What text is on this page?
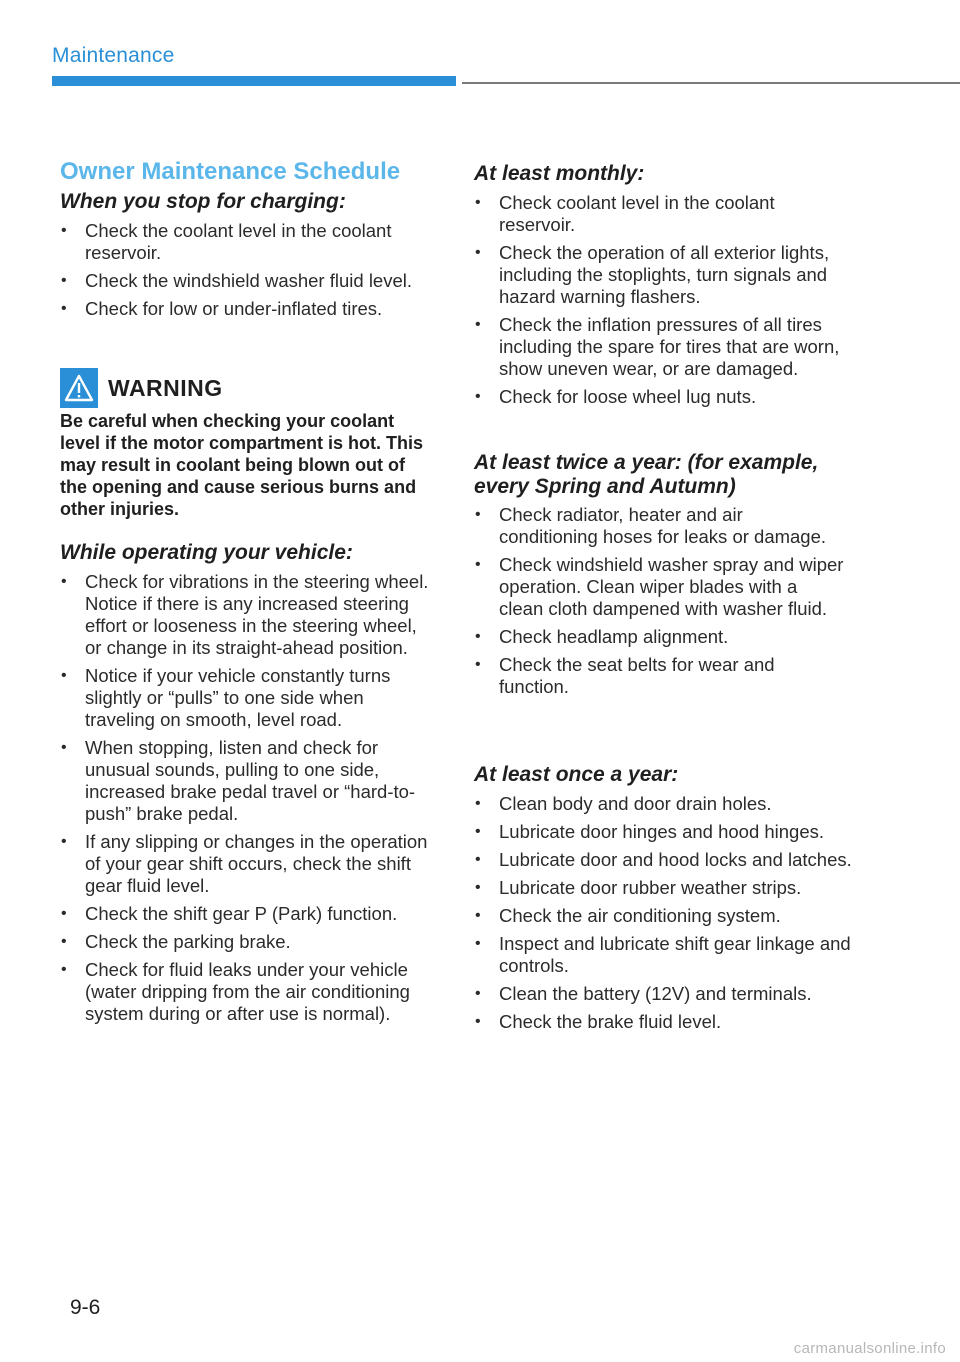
Maintenance
Owner Maintenance Schedule
When you stop for charging:
• Check the coolant level in the coolant reservoir.
• Check the windshield washer fluid level.
• Check for low or under-inflated tires.
WARNING
Be careful when checking your coolant level if the motor compartment is hot. This may result in coolant being blown out of the opening and cause serious burns and other injuries.
While operating your vehicle:
• Check for vibrations in the steering wheel. Notice if there is any increased steering effort or looseness in the steering wheel, or change in its straight-ahead position.
• Notice if your vehicle constantly turns slightly or “pulls” to one side when traveling on smooth, level road.
• When stopping, listen and check for unusual sounds, pulling to one side, increased brake pedal travel or “hard-to-push” brake pedal.
• If any slipping or changes in the operation of your gear shift occurs, check the shift gear fluid level.
• Check the shift gear P (Park) function.
• Check the parking brake.
• Check for fluid leaks under your vehicle (water dripping from the air conditioning system during or after use is normal).
At least monthly:
• Check coolant level in the coolant reservoir.
• Check the operation of all exterior lights, including the stoplights, turn signals and hazard warning flashers.
• Check the inflation pressures of all tires including the spare for tires that are worn, show uneven wear, or are damaged.
• Check for loose wheel lug nuts.
At least twice a year: (for example,
every Spring and Autumn)
• Check radiator, heater and air conditioning hoses for leaks or damage.
• Check windshield washer spray and wiper operation. Clean wiper blades with a clean cloth dampened with washer fluid.
• Check headlamp alignment.
• Check the seat belts for wear and function.
At least once a year:
• Clean body and door drain holes.
• Lubricate door hinges and hood hinges.
• Lubricate door and hood locks and latches.
• Lubricate door rubber weather strips.
• Check the air conditioning system.
• Inspect and lubricate shift gear linkage and controls.
• Clean the battery (12V) and terminals.
• Check the brake fluid level.
9-6
carmanualsonline.info
